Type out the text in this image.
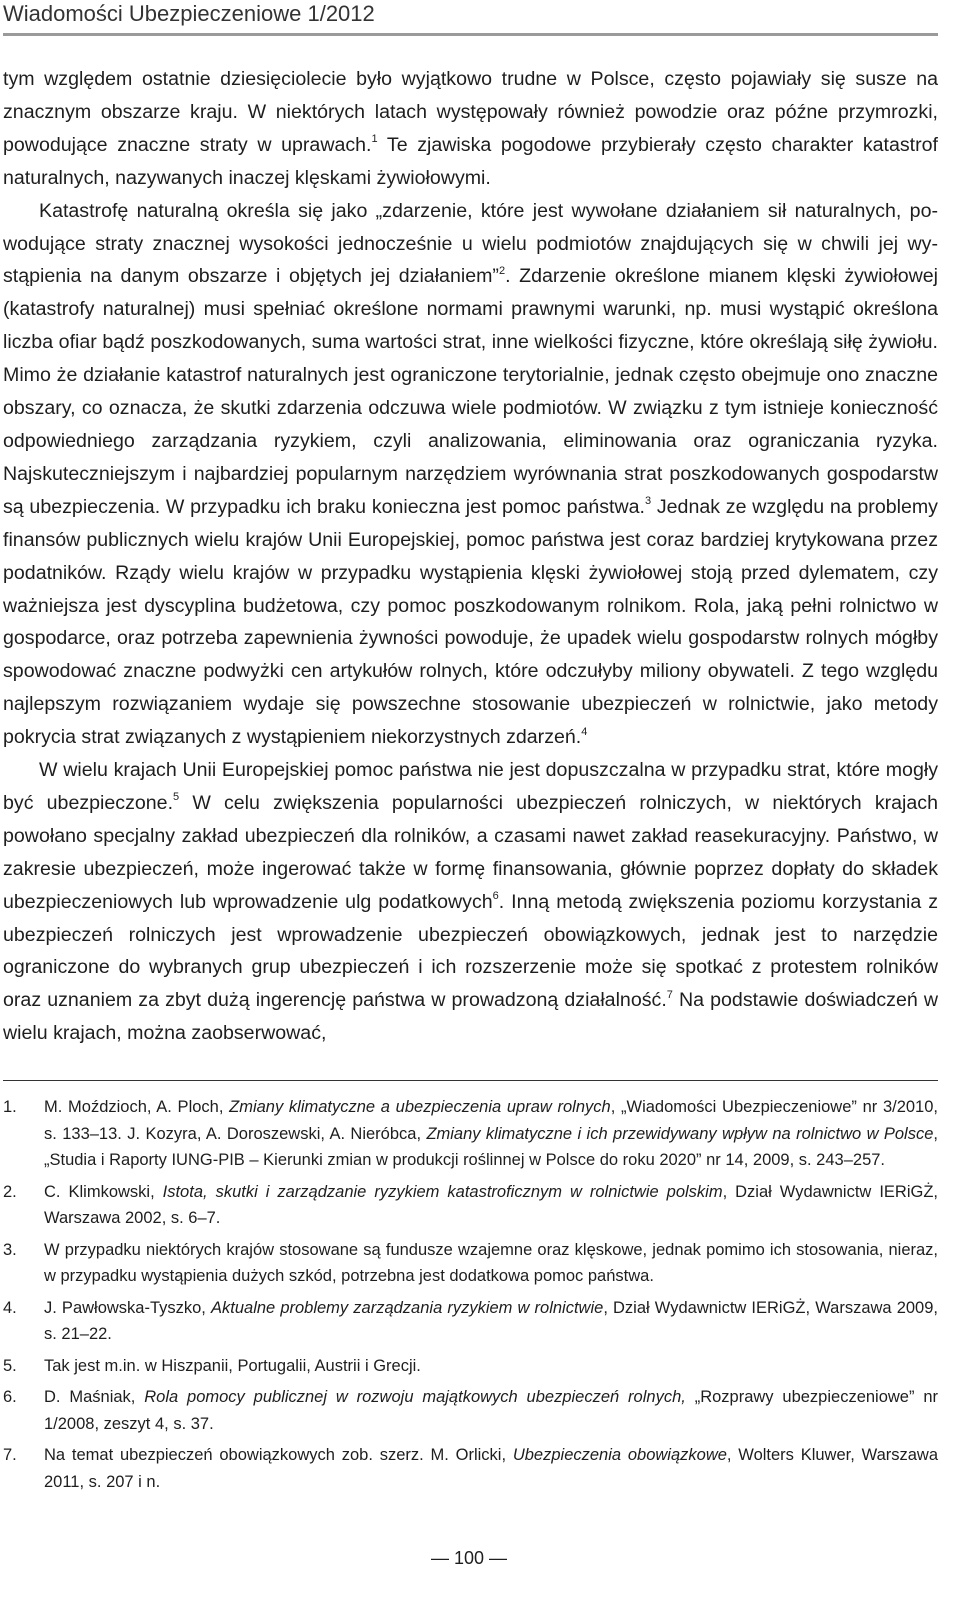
Wiadomości Ubezpieczeniowe 1/2012

tym względem ostatnie dziesięciolecie było wyjątkowo trudne w Polsce, często pojawiały się susze na znacznym obszarze kraju. W niektórych latach występowały również powodzie oraz późne przymrozki, powodujące znaczne straty w uprawach.$^1$ Te zjawiska pogodowe przybierały często charakter katastrof naturalnych, nazywanych inaczej klęskami żywiołowymi.

Katastrofę naturalną określa się jako „zdarzenie, które jest wywołane działaniem sił naturalnych, powodujące straty znacznej wysokości jednocześnie u wielu podmiotów znajdujących się w chwili jej wystąpienia na danym obszarze i objętych jej działaniem”$^2$. Zdarzenie określone mianem klęski żywiołowej (katastrofy naturalnej) musi spełniać określone normami prawnymi warunki, np. musi wystąpić określona liczba ofiar bądź poszkodowanych, suma wartości strat, inne wielkości fizyczne, które określają siłę żywiołu. Mimo że działanie katastrof naturalnych jest ograniczone terytorialnie, jednak często obejmuje ono znaczne obszary, co oznacza, że skutki zdarzenia odczuwa wiele podmiotów. W związku z tym istnieje konieczność odpowiedniego zarządzania ryzykiem, czyli analizowania, eliminowania oraz ograniczania ryzyka. Najskuteczniejszym i najbardziej popularnym narzędziem wyrównania strat poszkodowanych gospodarstw są ubezpieczenia. W przypadku ich braku konieczna jest pomoc państwa.$^3$ Jednak ze względu na problemy finansów publicznych wielu krajów Unii Europejskiej, pomoc państwa jest coraz bardziej krytykowana przez podatników. Rządy wielu krajów w przypadku wystąpienia klęski żywiołowej stoją przed dylematem, czy ważniejsza jest dyscyplina budżetowa, czy pomoc poszkodowanym rolnikom. Rola, jaką pełni rolnictwo w gospodarce, oraz potrzeba zapewnienia żywności powoduje, że upadek wielu gospodarstw rolnych mógłby spowodować znaczne podwyżki cen artykułów rolnych, które odczułyby miliony obywateli. Z tego względu najlepszym rozwiązaniem wydaje się powszechne stosowanie ubezpieczeń w rolnictwie, jako metody pokrycia strat związanych z wystąpieniem niekorzystnych zdarzeń.$^4$

W wielu krajach Unii Europejskiej pomoc państwa nie jest dopuszczalna w przypadku strat, które mogły być ubezpieczone.$^5$ W celu zwiększenia popularności ubezpieczeń rolniczych, w niektórych krajach powołano specjalny zakład ubezpieczeń dla rolników, a czasami nawet zakład reasekuracyjny. Państwo, w zakresie ubezpieczeń, może ingerować także w formę finansowania, głównie poprzez dopłaty do składek ubezpieczeniowych lub wprowadzenie ulg podatkowych$^6$. Inną metodą zwiększenia poziomu korzystania z ubezpieczeń rolniczych jest wprowadzenie ubezpieczeń obowiązkowych, jednak jest to narzędzie ograniczone do wybranych grup ubezpieczeń i ich rozszerzenie może się spotkać z protestem rolników oraz uznaniem za zbyt dużą ingerencję państwa w prowadzoną działalność.$^7$ Na podstawie doświadczeń w wielu krajach, można zaobserwować,

1.	M. Moździoch, A. Ploch, Zmiany klimatyczne a ubezpieczenia upraw rolnych, „Wiadomości Ubezpieczeniowe” nr 3/2010, s. 133–13. J. Kozyra, A. Doroszewski, A. Nieróbca, Zmiany klimatyczne i ich przewidywany wpływ na rolnictwo w Polsce, „Studia i Raporty IUNG-PIB – Kierunki zmian w produkcji roślinnej w Polsce do roku 2020” nr 14, 2009, s. 243–257.
2.	C. Klimkowski, Istota, skutki i zarządzanie ryzykiem katastroficznym w rolnictwie polskim, Dział Wydawnictw IERiGŻ, Warszawa 2002, s. 6–7.
3.	W przypadku niektórych krajów stosowane są fundusze wzajemne oraz klęskowe, jednak pomimo ich stosowania, nieraz, w przypadku wystąpienia dużych szkód, potrzebna jest dodatkowa pomoc państwa.
4.	J. Pawłowska-Tyszko, Aktualne problemy zarządzania ryzykiem w rolnictwie, Dział Wydawnictw IERiGŻ, Warszawa 2009, s. 21–22.
5.	Tak jest m.in. w Hiszpanii, Portugalii, Austrii i Grecji.
6.	D. Maśniak, Rola pomocy publicznej w rozwoju majątkowych ubezpieczeń rolnych, „Rozprawy ubezpieczeniowe” nr 1/2008, zeszyt 4, s. 37.
7.	Na temat ubezpieczeń obowiązkowych zob. szerz. M. Orlicki, Ubezpieczenia obowiązkowe, Wolters Kluwer, Warszawa 2011, s. 207 i n.
— 100 —
